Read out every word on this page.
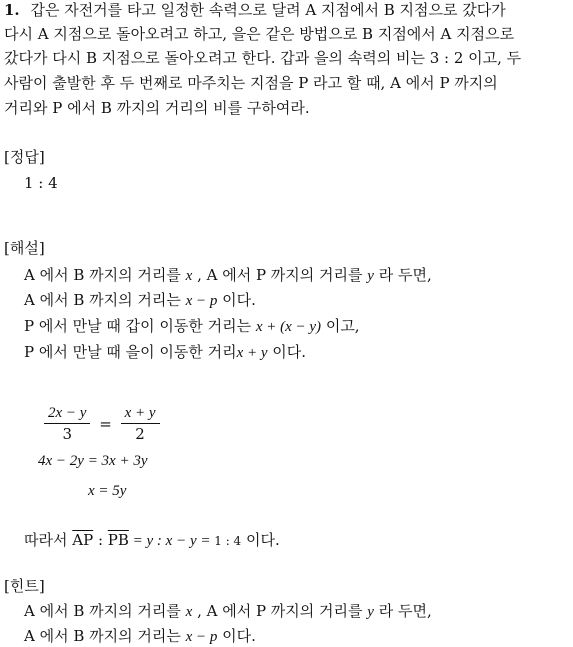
1. 갑은 자전거를 타고 일정한 속력으로 달려 A 지점에서 B 지점으로 갔다가
다시 A 지점으로 돌아오려고 하고, 을은 같은 방법으로 B 지점에서 A 지점으로
갔다가 다시 B 지점으로 돌아오려고 한다. 갑과 을의 속력의 비는 3 : 2 이고, 두
사람이 출발한 후 두 번째로 마주치는 지점을 P 라고 할 때, A 에서 P 까지의
거리와 P 에서 B 까지의 거리의 비를 구하여라.
[정답]
1 : 4
[해설]
A 에서 B 까지의 거리를 x , A 에서 P 까지의 거리를 y 라 두면,
A 에서 B 까지의 거리는 x − p 이다.
P 에서 만날 때 갑이 이동한 거리는 x + (x − y) 이고,
P 에서 만날 때 을이 이동한 거리x + y 이다.
$\frac{2x - y}{3} = \frac{x + y}{2}$
4x − 2y = 3x + 3y
x = 5y
따라서 $\overline{AP}$ : $\overline{PB} = y$ : x − y = 1 : 4 이다.
[힌트]
A 에서 B 까지의 거리를 x , A 에서 P 까지의 거리를 y 라 두면,
A 에서 B 까지의 거리는 x − p 이다.
